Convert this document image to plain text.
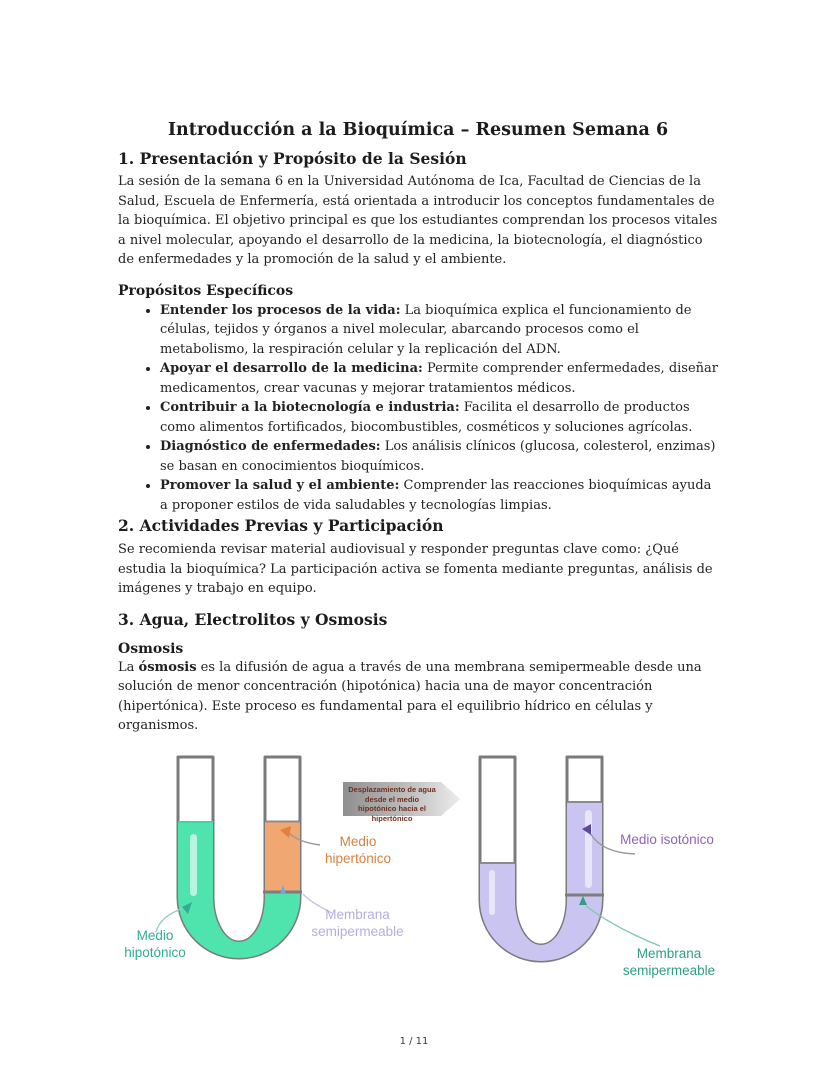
Introducción a la Bioquímica – Resumen Semana 6
1. Presentación y Propósito de la Sesión

La sesión de la semana 6 en la Universidad Autónoma de Ica, Facultad de Ciencias de la Salud, Escuela de Enfermería, está orientada a introducir los conceptos fundamentales de la bioquímica. El objetivo principal es que los estudiantes comprendan los procesos vitales a nivel molecular, apoyando el desarrollo de la medicina, la biotecnología, el diagnóstico de enfermedades y la promoción de la salud y el ambiente.

Propósitos Específicos
• Entender los procesos de la vida: La bioquímica explica el funcionamiento de células, tejidos y órganos a nivel molecular, abarcando procesos como el metabolismo, la respiración celular y la replicación del ADN.
• Apoyar el desarrollo de la medicina: Permite comprender enfermedades, diseñar medicamentos, crear vacunas y mejorar tratamientos médicos.
• Contribuir a la biotecnología e industria: Facilita el desarrollo de productos como alimentos fortificados, biocombustibles, cosméticos y soluciones agrícolas.
• Diagnóstico de enfermedades: Los análisis clínicos (glucosa, colesterol, enzimas) se basan en conocimientos bioquímicos.
• Promover la salud y el ambiente: Comprender las reacciones bioquímicas ayuda a proponer estilos de vida saludables y tecnologías limpias.
2. Actividades Previas y Participación

Se recomienda revisar material audiovisual y responder preguntas clave como: ¿Qué estudia la bioquímica? La participación activa se fomenta mediante preguntas, análisis de imágenes y trabajo en equipo.

3. Agua, Electrolitos y Osmosis
Osmosis

La ósmosis es la difusión de agua a través de una membrana semipermeable desde una solución de menor concentración (hipotónica) hacia una de mayor concentración (hipertónica). Este proceso es fundamental para el equilibrio hídrico en células y organismos.

Desplazamiento de agua desde el medio hipotónico hacia el hipertónico
Medio hipertónico
Membrana semipermeable
Medio hipotónico
Medio isotónico
Membrana semipermeable
1 / 11
